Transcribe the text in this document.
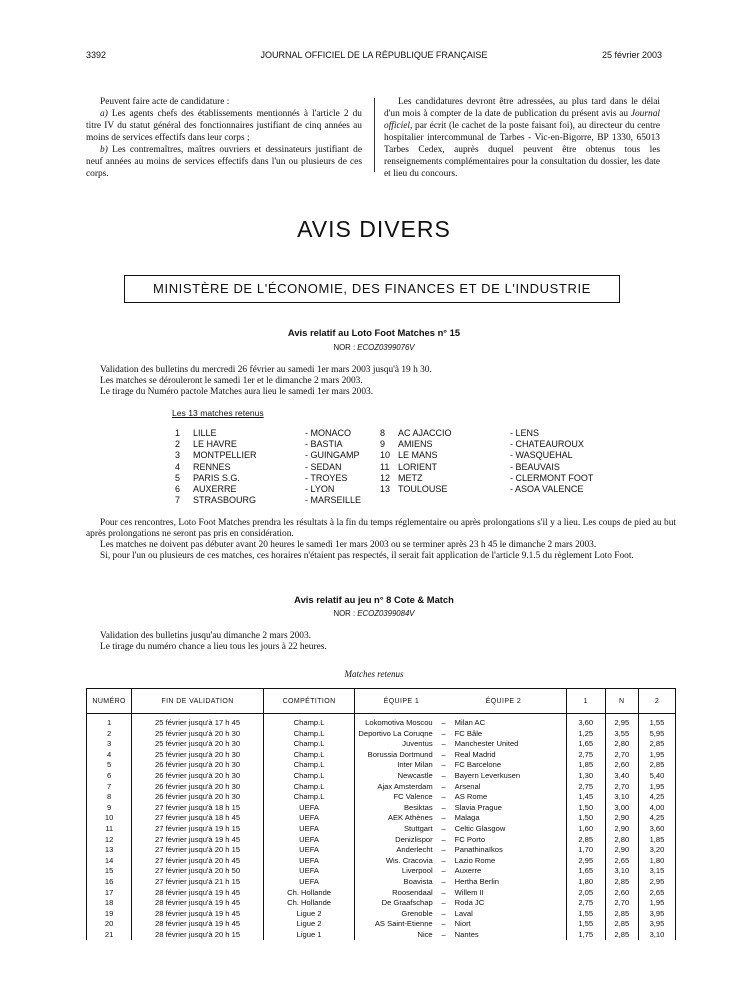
3392	JOURNAL OFFICIEL DE LA RÉPUBLIQUE FRANÇAISE	25 février 2003

Peuvent faire acte de candidature :

a) Les agents chefs des établissements mentionnés à l'article 2 du titre IV du statut général des fonctionnaires justifiant de cinq années au moins de services effectifs dans leur corps ;

b) Les contremaîtres, maîtres ouvriers et dessinateurs justifiant de neuf années au moins de services effectifs dans l'un ou plusieurs de ces corps.

Les candidatures devront être adressées, au plus tard dans le délai d'un mois à compter de la date de publication du présent avis au Journal officiel, par écrit (le cachet de la poste faisant foi), au directeur du centre hospitalier intercommunal de Tarbes - Vic-en-Bigorre, BP 1330, 65013 Tarbes Cedex, auprès duquel peuvent être obtenus tous les renseignements complémentaires pour la consultation du dossier, les date et lieu du concours.

AVIS DIVERS
MINISTÈRE DE L'ÉCONOMIE, DES FINANCES ET DE L'INDUSTRIE
Avis relatif au Loto Foot Matches n° 15
NOR : ECOZ0399076V

Validation des bulletins du mercredi 26 février au samedi 1er mars 2003 jusqu'à 19 h 30.

Les matches se dérouleront le samedi 1er et le dimanche 2 mars 2003.

Le tirage du Numéro pactole Matches aura lieu le samedi 1er mars 2003.

Les 13 matches retenus
1	LILLE	- MONACO
2	LE HAVRE	- BASTIA
3	MONTPELLIER	- GUINGAMP
4	RENNES	- SEDAN
5	PARIS S.G.	- TROYES
6	AUXERRE	- LYON
7	STRASBOURG	- MARSEILLE
8	AC AJACCIO	- LENS
9	AMIENS	- CHATEAUROUX
10 LE MANS	- WASQUEHAL
11 LORIENT	- BEAUVAIS
12 METZ	- CLERMONT FOOT
13 TOULOUSE	- ASOA VALENCE

Pour ces rencontres, Loto Foot Matches prendra les résultats à la fin du temps réglementaire ou après prolongations s'il y a lieu. Les coups de pied au but après prolongations ne seront pas pris en considération.

Les matches ne doivent pas débuter avant 20 heures le samedi 1er mars 2003 ou se terminer après 23 h 45 le dimanche 2 mars 2003.

Si, pour l'un ou plusieurs de ces matches, ces horaires n'étaient pas respectés, il serait fait application de l'article 9.1.5 du règlement Loto Foot.

Avis relatif au jeu n° 8 Cote & Match
NOR : ECOZ0399084V

Validation des bulletins jusqu'au dimanche 2 mars 2003.

Le tirage du numéro chance a lieu tous les jours à 22 heures.

Matches retenus
NUMÉRO	FIN DE VALIDATION	COMPÉTITION	ÉQUIPE 1 ÉQUIPE 2		1	N	2
1	25 février jusqu'à 17 h 45	Champ.L	Lokomotiva Moscou –	Milan AC	3,60	2,95	1,55
2	25 février jusqu'à 20 h 30	Champ.L	Deportivo La Coruqne –	FC Bâle	1,25	3,55	5,95
3	25 février jusqu'à 20 h 30	Champ.L	Juventus –	Manchester United	1,65	2,80	2,85
4	25 février jusqu'à 20 h 30	Champ.L	Borussia Dortmund –	Real Madrid	2,75	2,70	1,95
5	26 février jusqu'à 20 h 30	Champ.L	Inter Milan –	FC Barcelone	1,85	2,60	2,85
6	26 février jusqu'à 20 h 30	Champ.L	Newcastle –	Bayern Leverkusen	1,30	3,40	5,40
7	26 février jusqu'à 20 h 30	Champ.L	Ajax Amsterdam –	Arsenal	2,75	2,70	1,95
8	26 février jusqu'à 20 h 30	Champ.L	FC Valence –	AS Rome	1,45	3,10	4,25
9	27 février jusqu'à 18 h 15	UEFA	Besiktas –	Slavia Prague	1,50	3,00	4,00
10	27 février jusqu'à 18 h 45	UEFA	AEK Athènes –	Malaga	1,50	2,90	4,25
11	27 février jusqu'à 19 h 15	UEFA	Stuttgart –	Celtic Glasgow	1,60	2,90	3,60
12	27 février jusqu'à 19 h 45	UEFA	Denizlispor –	FC Porto	2,85	2,80	1,85
13	27 février jusqu'à 20 h 15	UEFA	Anderlecht –	Panathinaïkos	1,70	2,90	3,20
14	27 février jusqu'à 20 h 45	UEFA	Wis. Cracovia –	Lazio Rome	2,95	2,65	1,80
15	27 février jusqu'à 20 h 50	UEFA	Liverpool –	Auxerre	1,65	3,10	3,15
16	27 février jusqu'à 21 h 15	UEFA	Boavista –	Hertha Berlin	1,80	2,85	2,95
17	28 février jusqu'à 19 h 45	Ch. Hollande	Roosendaal –	Willem II	2,05	2,60	2,65
18	28 février jusqu'à 19 h 45	Ch. Hollande	De Graafschap –	Roda JC	2,75	2,70	1,95
19	28 février jusqu'à 19 h 45	Ligue 2	Grenoble –	Laval	1,55	2,85	3,95
20	28 février jusqu'à 19 h 45	Ligue 2	AS Saint-Etienne –	Niort	1,55	2,85	3,95
21	28 février jusqu'à 20 h 15	Ligue 1	Nice –	Nantes	1,75	2,85	3,10
